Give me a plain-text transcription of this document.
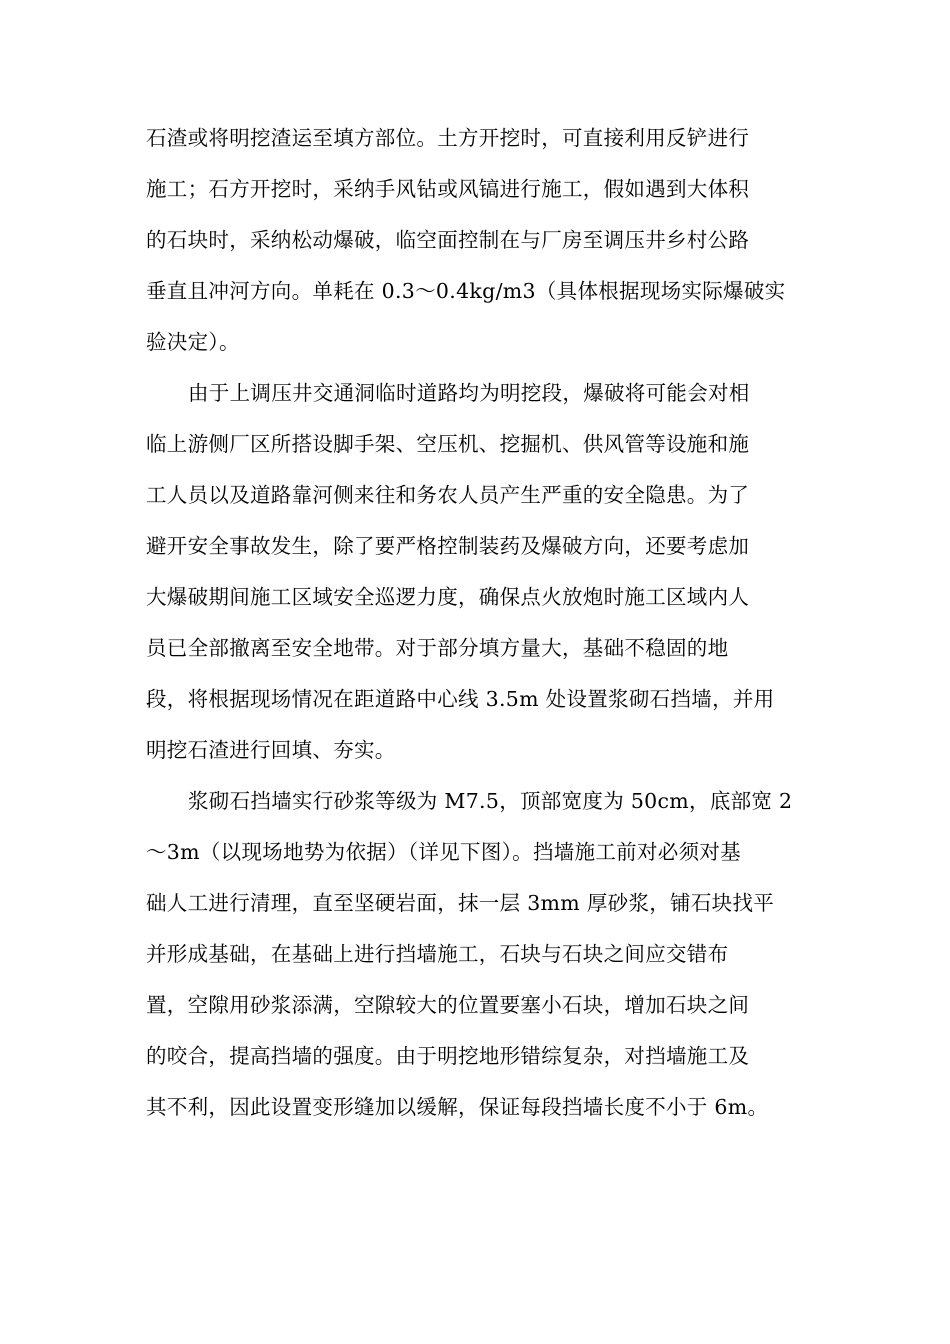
石渣或将明挖渣运至填方部位。土方开挖时，可直接利用反铲进行
施工；石方开挖时，采纳手风钻或风镐进行施工，假如遇到大体积
的石块时，采纳松动爆破，临空面控制在与厂房至调压井乡村公路
垂直且冲河方向。单耗在 0.3～0.4kg/m3（具体根据现场实际爆破实
验决定）。
由于上调压井交通洞临时道路均为明挖段，爆破将可能会对相
临上游侧厂区所搭设脚手架、空压机、挖掘机、供风管等设施和施
工人员以及道路靠河侧来往和务农人员产生严重的安全隐患。为了
避开安全事故发生，除了要严格控制装药及爆破方向，还要考虑加
大爆破期间施工区域安全巡逻力度，确保点火放炮时施工区域内人
员已全部撤离至安全地带。对于部分填方量大，基础不稳固的地
段，将根据现场情况在距道路中心线 3.5m 处设置浆砌石挡墙，并用
明挖石渣进行回填、夯实。
浆砌石挡墙实行砂浆等级为 M7.5，顶部宽度为 50cm，底部宽 2
～3m（以现场地势为依据）（详见下图）。挡墙施工前对必须对基
础人工进行清理，直至坚硬岩面，抹一层 3mm 厚砂浆，铺石块找平
并形成基础，在基础上进行挡墙施工，石块与石块之间应交错布
置，空隙用砂浆添满，空隙较大的位置要塞小石块，增加石块之间
的咬合，提高挡墙的强度。由于明挖地形错综复杂，对挡墙施工及
其不利，因此设置变形缝加以缓解，保证每段挡墙长度不小于 6m。
